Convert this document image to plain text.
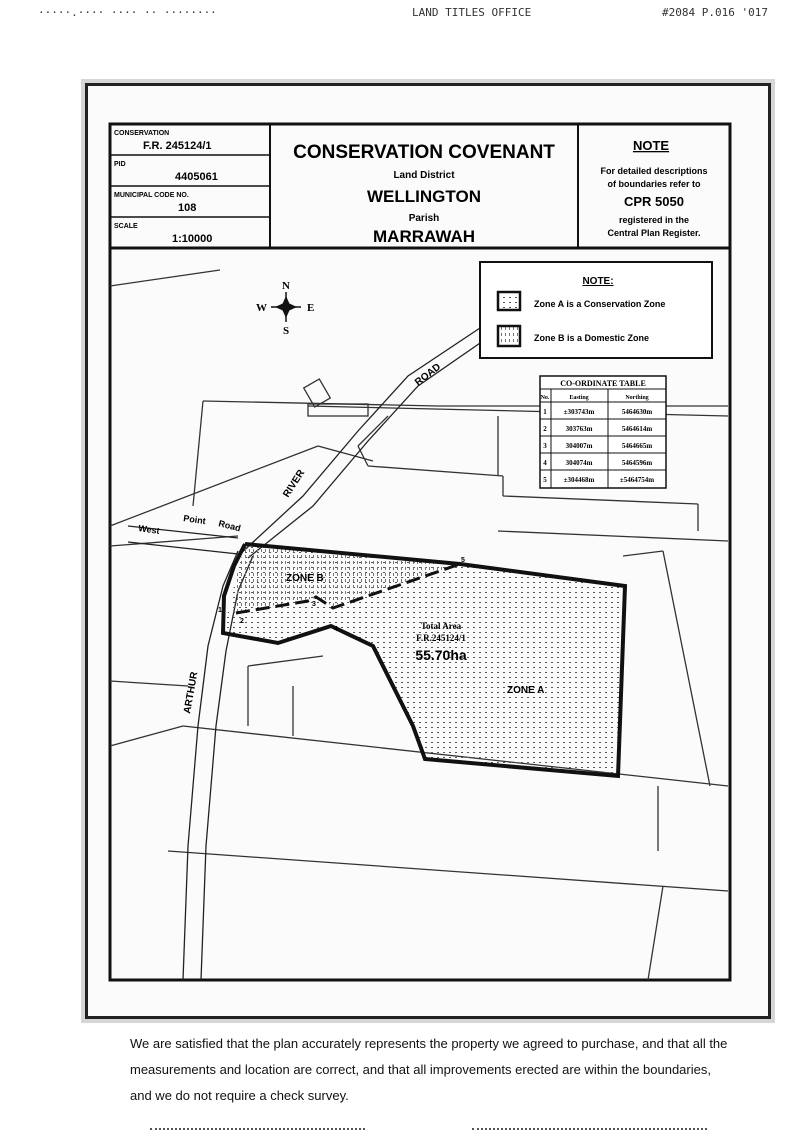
·····.···· ···· ·· ········	LAND TITLES OFFICE	#2084 P.016 '017
CONSERVATION
F.R. 245124/1
PID
4405061
MUNICIPAL CODE NO.
108
SCALE
1:10000
CONSERVATION COVENANT
Land District
WELLINGTON
Parish
MARRAWAH
NOTE
For detailed descriptions
of boundaries refer to
CPR 5050
registered in the
Central Plan Register.
ROAD
RIVER
West
Point Road
ARTHUR
ZONE B
ZONE A
Total Area
F.R.245124/1
55.70ha
1
2
3
4
5
N
S
E
W
NOTE:
Zone A is a Conservation Zone
Zone B is a Domestic Zone
CO-ORDINATE TABLE
No.	Easting	Northing
1 ±303743m	5464630m
2	303763m	5464614m
3	304007m	5464665m
4	304074m	5464596m
5 ±304468m	±5464754m

We are satisfied that the plan accurately represents the property we agreed to purchase, and that all the measurements and location are correct, and that all improvements erected are within the boundaries, and we do not require a check survey.
